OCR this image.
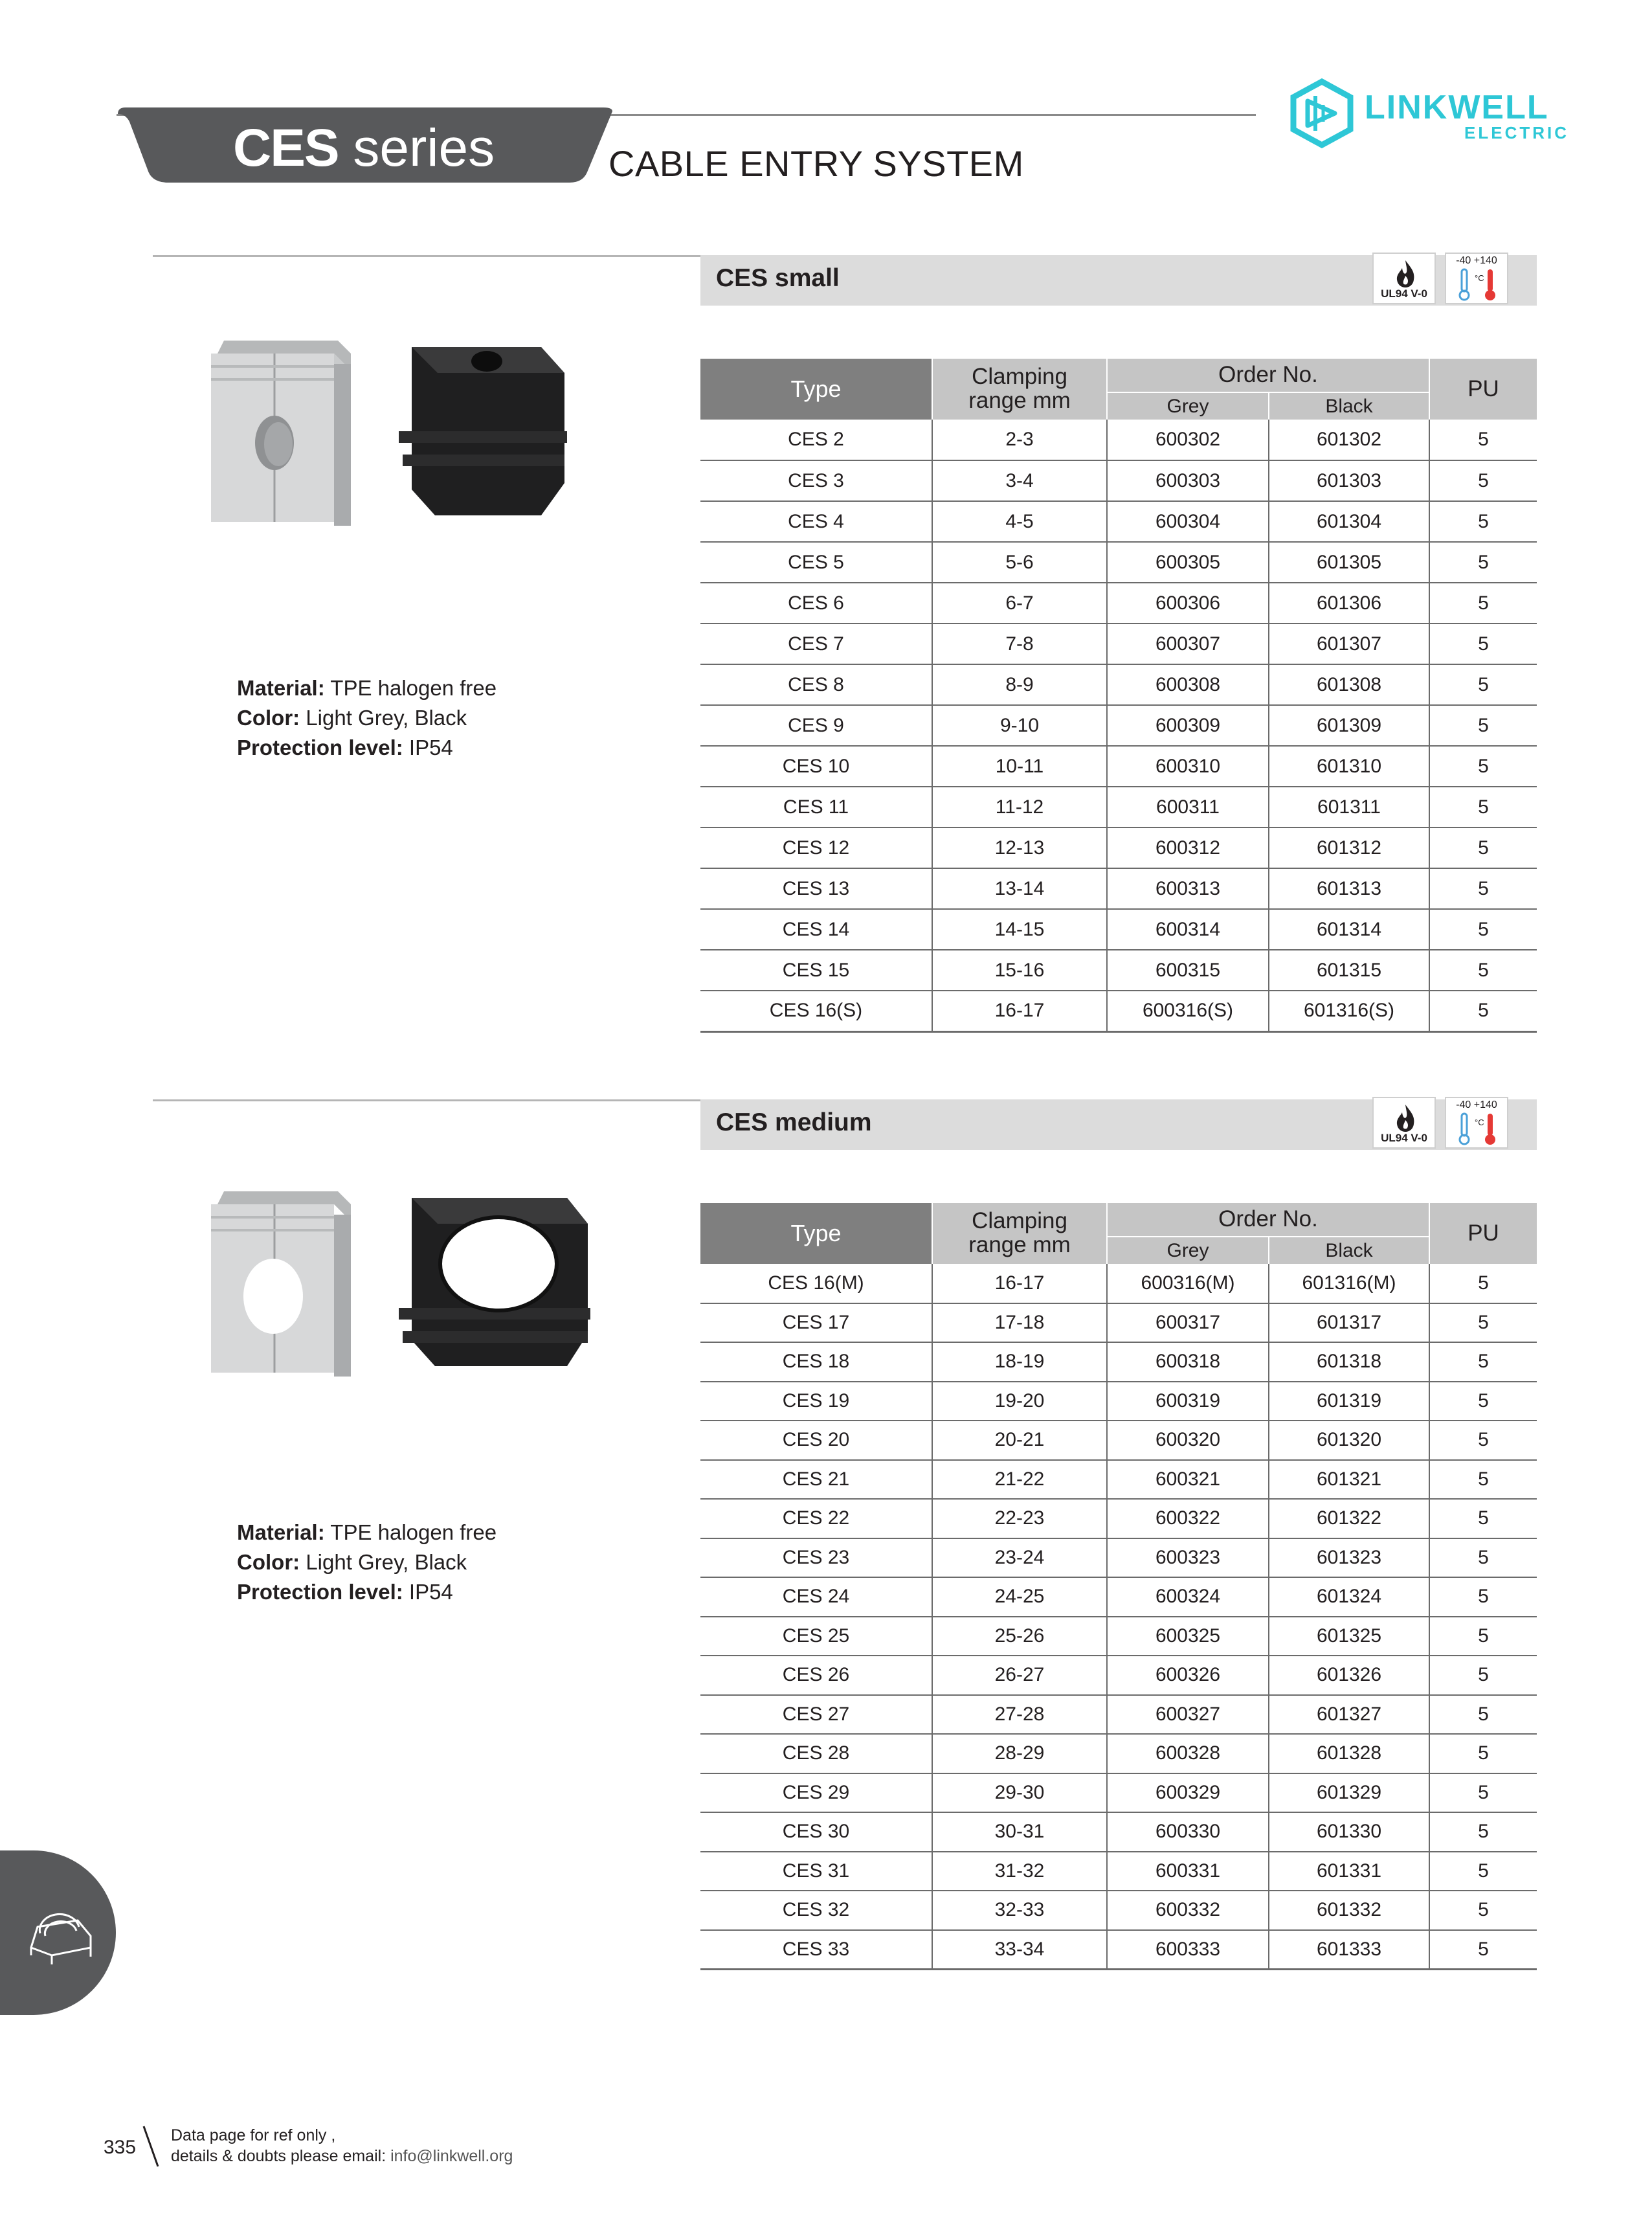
CES series	CABLE ENTRY SYSTEM
LINKWELL
ELECTRIC
CES small
UL94 V-0
-40 +140
°C
Material: TPE halogen free
Color: Light Grey, Black
Protection level: IP54
Type	Clamping
range mm	Order No.		PU
		Grey	Black	
CES 2	2-3	600302	601302	5
CES 3	3-4	600303	601303	5
CES 4	4-5	600304	601304	5
CES 5	5-6	600305	601305	5
CES 6	6-7	600306	601306	5
CES 7	7-8	600307	601307	5
CES 8	8-9	600308	601308	5
CES 9	9-10	600309	601309	5
CES 10	10-11	600310	601310	5
CES 11	11-12	600311	601311	5
CES 12	12-13	600312	601312	5
CES 13	13-14	600313	601313	5
CES 14	14-15	600314	601314	5
CES 15	15-16	600315	601315	5
CES 16(S)	16-17	600316(S)	601316(S)	5
CES medium
UL94 V-0
-40 +140
°C
Material: TPE halogen free
Color: Light Grey, Black
Protection level: IP54
Type	Clamping
range mm	Order No.		PU
		Grey	Black	
CES 16(M)	16-17	600316(M)	601316(M)	5
CES 17	17-18	600317	601317	5
CES 18	18-19	600318	601318	5
CES 19	19-20	600319	601319	5
CES 20	20-21	600320	601320	5
CES 21	21-22	600321	601321	5
CES 22	22-23	600322	601322	5
CES 23	23-24	600323	601323	5
CES 24	24-25	600324	601324	5
CES 25	25-26	600325	601325	5
CES 26	26-27	600326	601326	5
CES 27	27-28	600327	601327	5
CES 28	28-29	600328	601328	5
CES 29	29-30	600329	601329	5
CES 30	30-31	600330	601330	5
CES 31	31-32	600331	601331	5
CES 32	32-33	600332	601332	5
CES 33	33-34	600333	601333	5
335
Data page for ref only ,
details & doubts please email: info@linkwell.org
